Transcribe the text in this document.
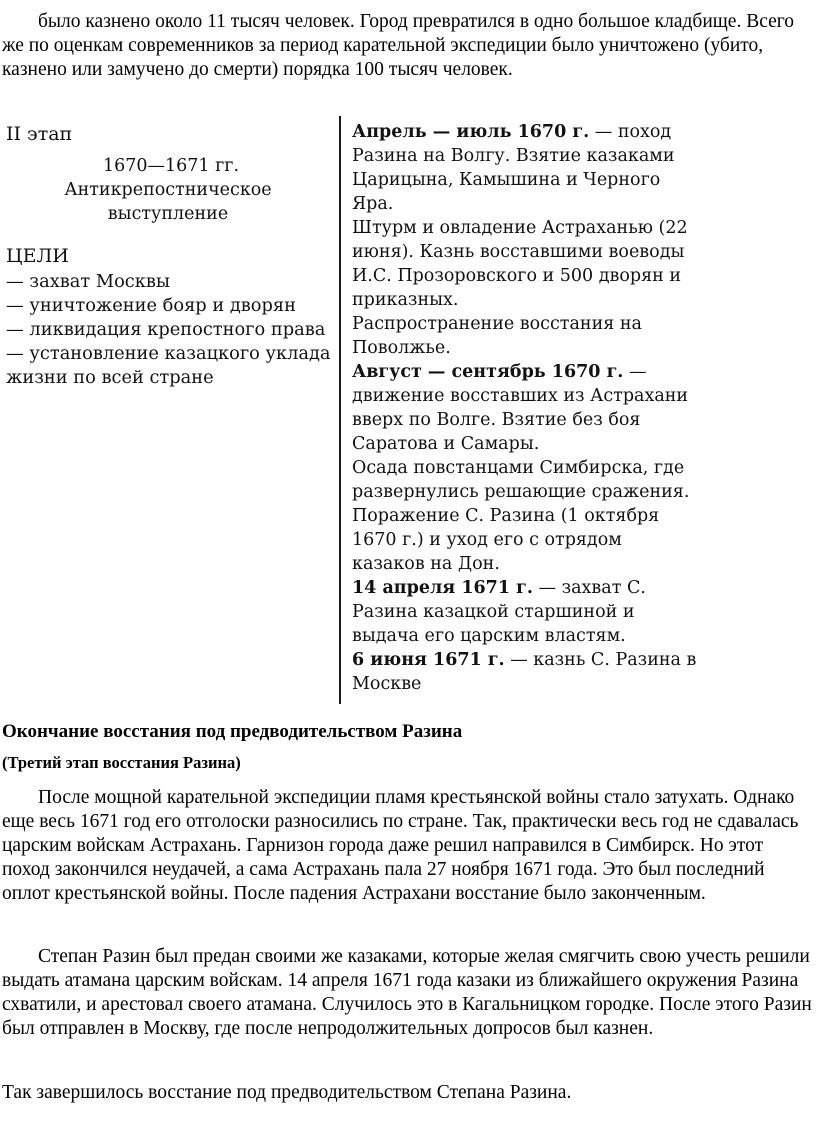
было казнено около 11 тысяч человек. Город превратился в одно большое кладбище. Всего же по оценкам современников за период карательной экспедиции было уничтожено (убито, казнено или замучено до смерти) порядка 100 тысяч человек.

II этап

1670—1671 гг.

Антикрепостническое выступление

ЦЕЛИ

— захват Москвы
— уничтожение бояр и дворян
— ликвидация крепостного права
— установление казацкого уклада
жизни по всей стране

Апрель — июль 1670 г. — поход Разина на Волгу. Взятие казаками Царицына, Камышина и Черного Яра.

Штурм и овладение Астраханью (22 июня). Казнь восставшими воеводы И.С. Прозоровского и 500 дворян и приказных.

Распространение восстания на Поволжье.

Август — сентябрь 1670 г. — движение восставших из Астрахани вверх по Волге. Взятие без боя Саратова и Самары.

Осада повстанцами Симбирска, где развернулись решающие сражения. Поражение С. Разина (1 октября 1670 г.) и уход его с отрядом казаков на Дон.

14 апреля 1671 г. — захват С. Разина казацкой старшиной и выдача его царским властям.

6 июня 1671 г. — казнь С. Разина в Москве

Окончание восстания под предводительством Разина

(Третий этап восстания Разина)

После мощной карательной экспедиции пламя крестьянской войны стало затухать. Однако еще весь 1671 год его отголоски разносились по стране. Так, практически весь год не сдавалась царским войскам Астрахань. Гарнизон города даже решил направился в Симбирск. Но этот поход закончился неудачей, а сама Астрахань пала 27 ноября 1671 года. Это был последний оплот крестьянской войны. После падения Астрахани восстание было законченным.

Степан Разин был предан своими же казаками, которые желая смягчить свою учесть решили выдать атамана царским войскам. 14 апреля 1671 года казаки из ближайшего окружения Разина схватили, и арестовал своего атамана. Случилось это в Кагальницком городке. После этого Разин был отправлен в Москву, где после непродолжительных допросов был казнен.

Так завершилось восстание под предводительством Степана Разина.
